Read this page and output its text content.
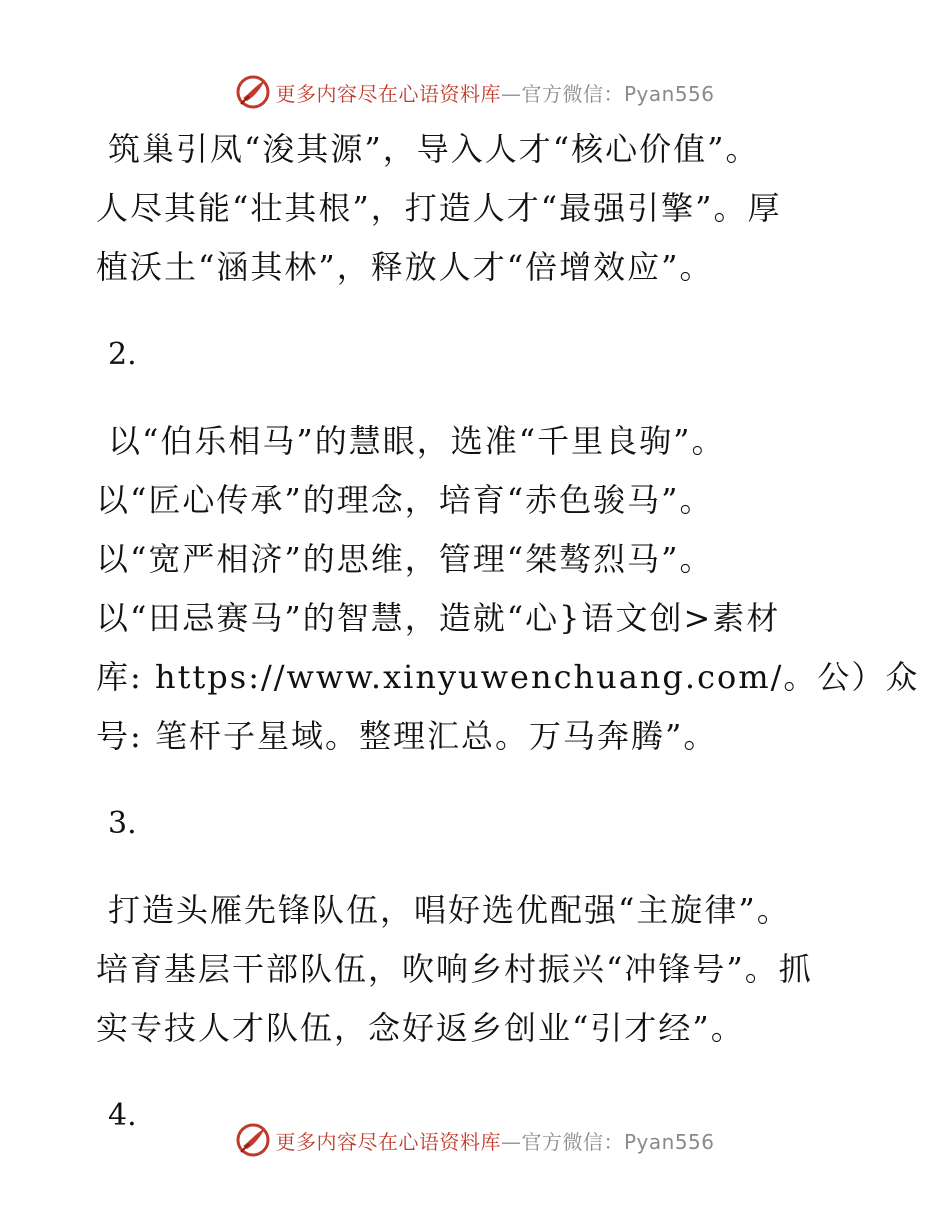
更多内容尽在心语资料库—官方微信：Pyan556
筑巢引凤“浚其源”，导入人才“核心价值”。
人尽其能“壮其根”，打造人才“最强引擎”。厚
植沃土“涵其林”，释放人才“倍增效应”。
2.
以“伯乐相马”的慧眼，选准“千里良驹”。
以“匠心传承”的理念，培育“赤色骏马”。
以“宽严相济”的思维，管理“桀骜烈马”。
以“田忌赛马”的智慧，造就“心}语文创>素材
库: https://www.xinyuwenchuang.com/。公）众
号: 笔杆子星域。整理汇总。万马奔腾”。
3.
打造头雁先锋队伍，唱好选优配强“主旋律”。
培育基层干部队伍，吹响乡村振兴“冲锋号”。抓
实专技人才队伍，念好返乡创业“引才经”。
4.
更多内容尽在心语资料库—官方微信：Pyan556
